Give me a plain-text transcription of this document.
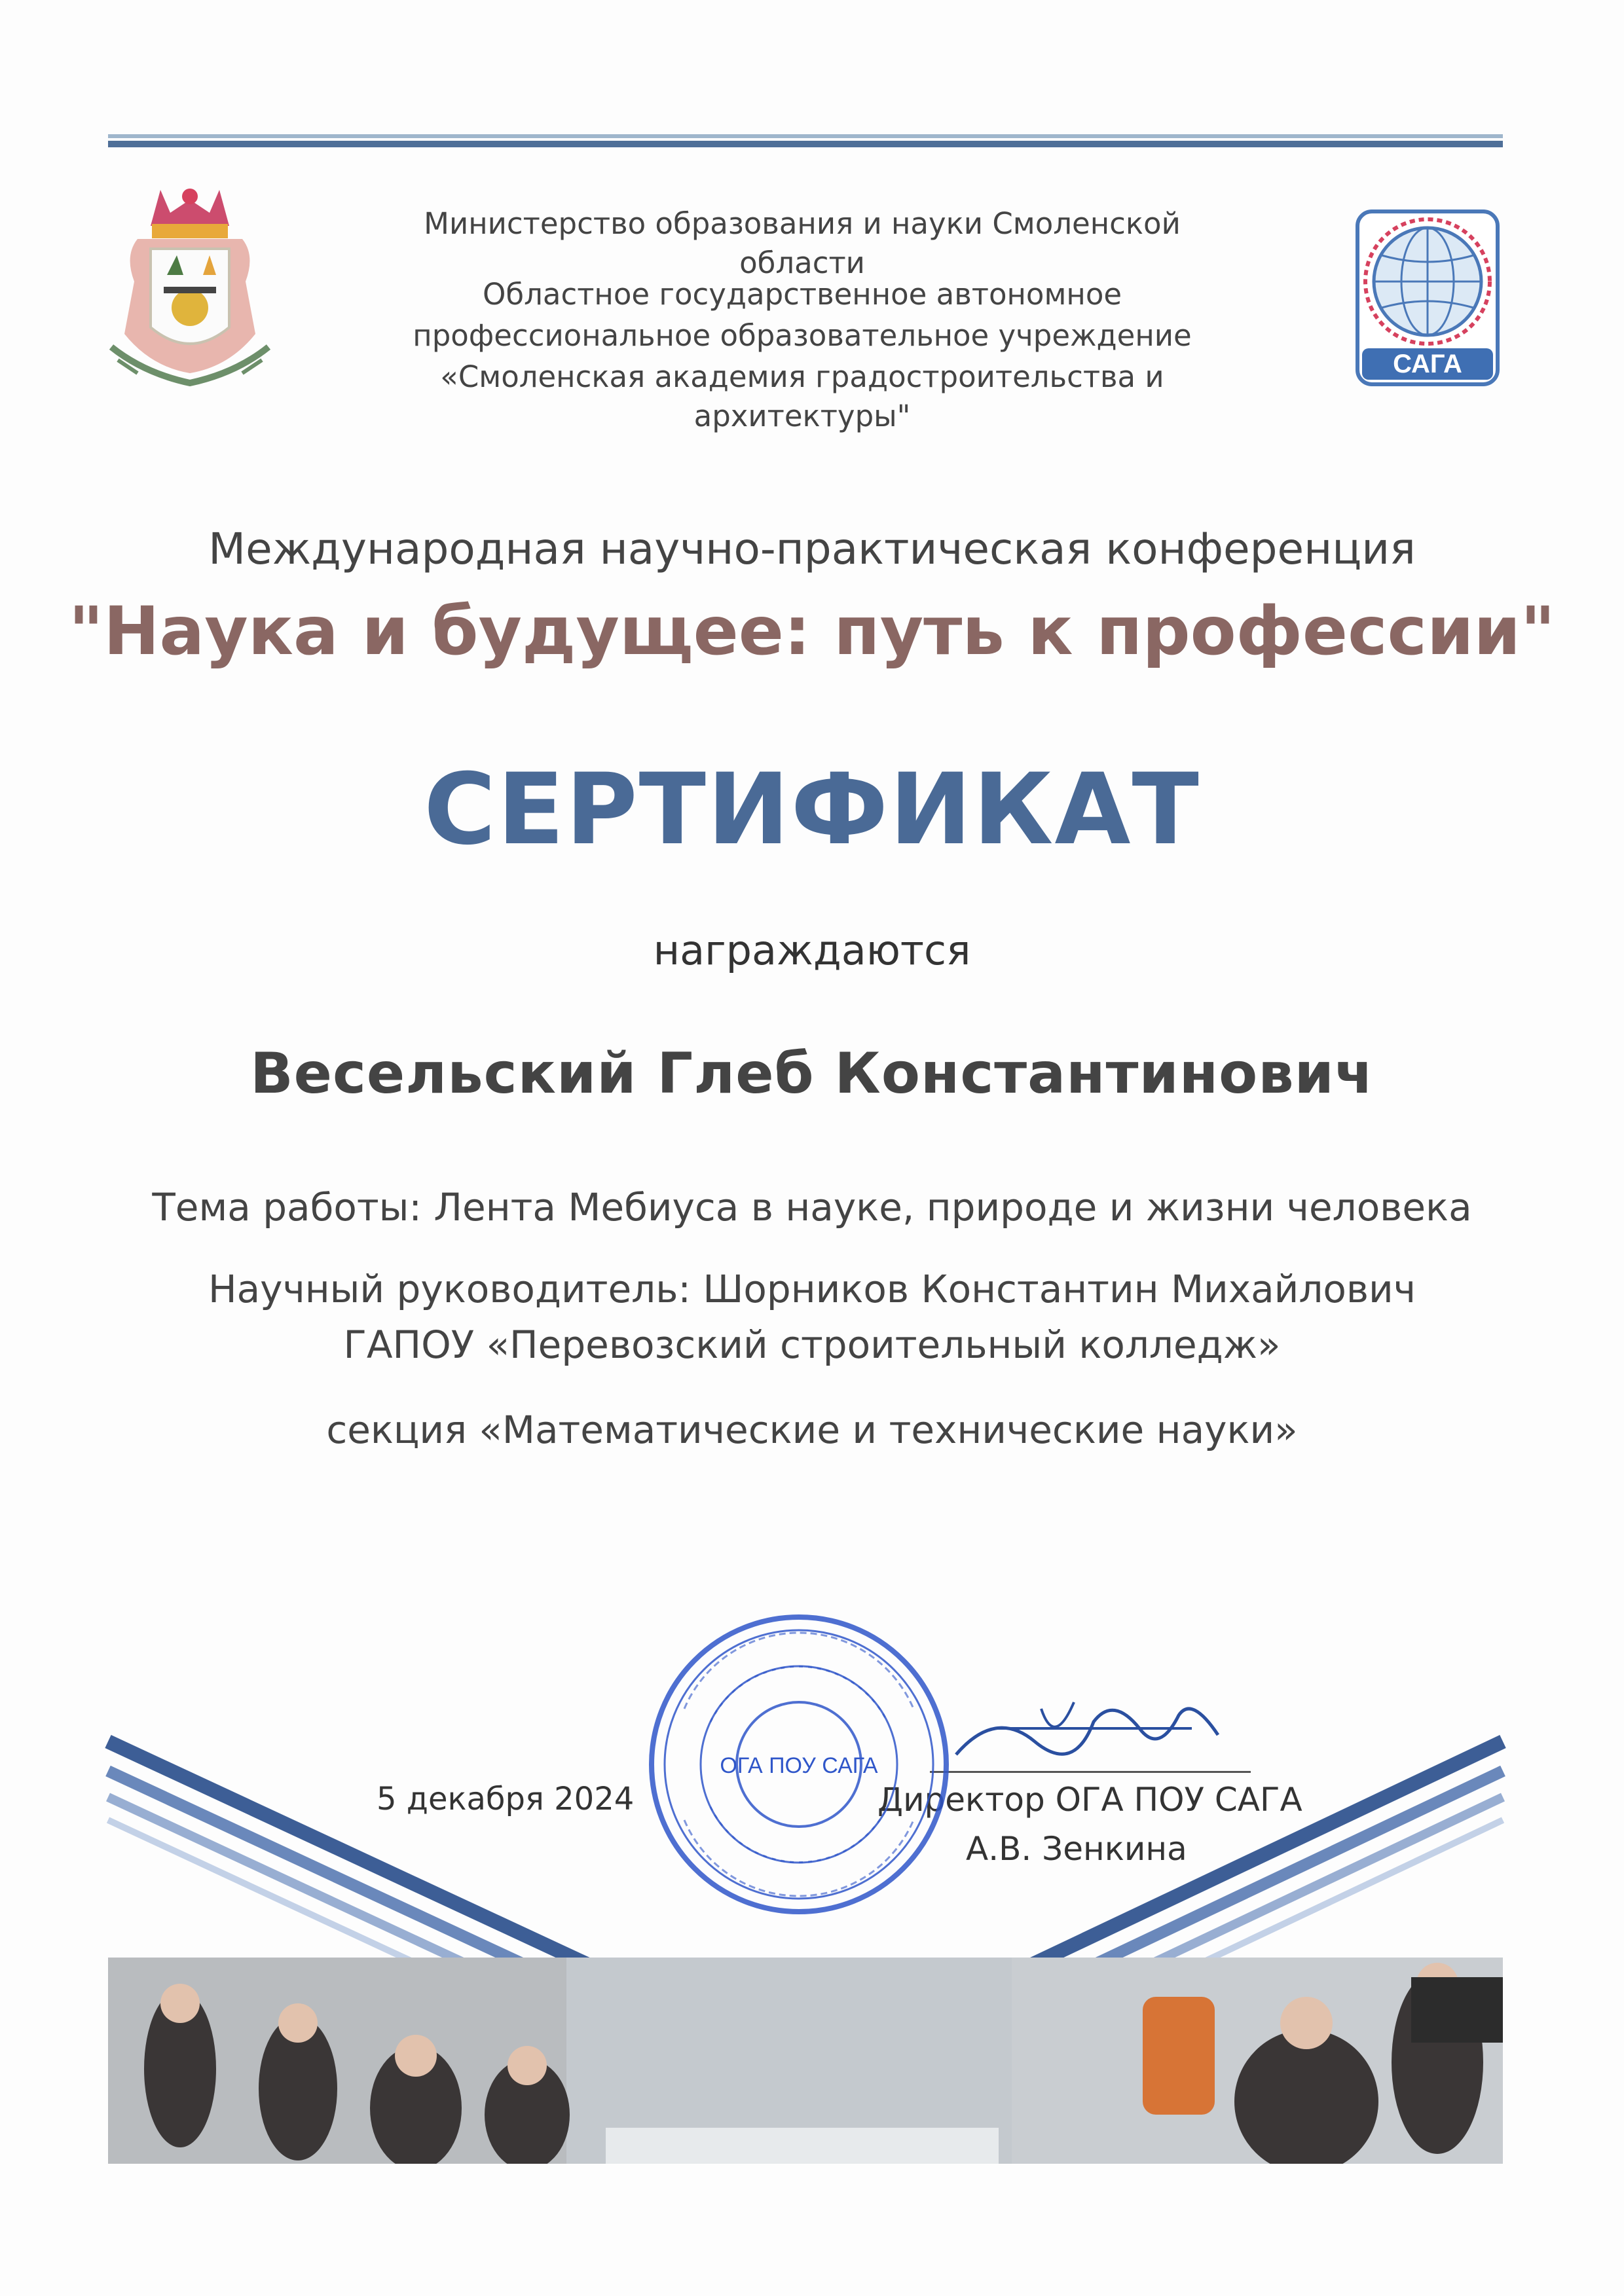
САГА
Министерство образования и науки Смоленской области
Областное государственное автономное
профессиональное образовательное учреждение
«Смоленская академия градостроительства и архитектуры"
Международная научно-практическая конференция
"Наука и будущее: путь к профессии"
СЕРТИФИКАТ
награждаются
Весельский Глеб Константинович
Тема работы: Лента Мебиуса в науке, природе и жизни человека
Научный руководитель: Шорников Константин Михайлович
ГАПОУ «Перевозский строительный колледж»
секция «Математические и технические науки»
5 декабря 2024	Директор ОГА ПОУ САГА
А.В. Зенкина
ОГА ПОУ САГА
